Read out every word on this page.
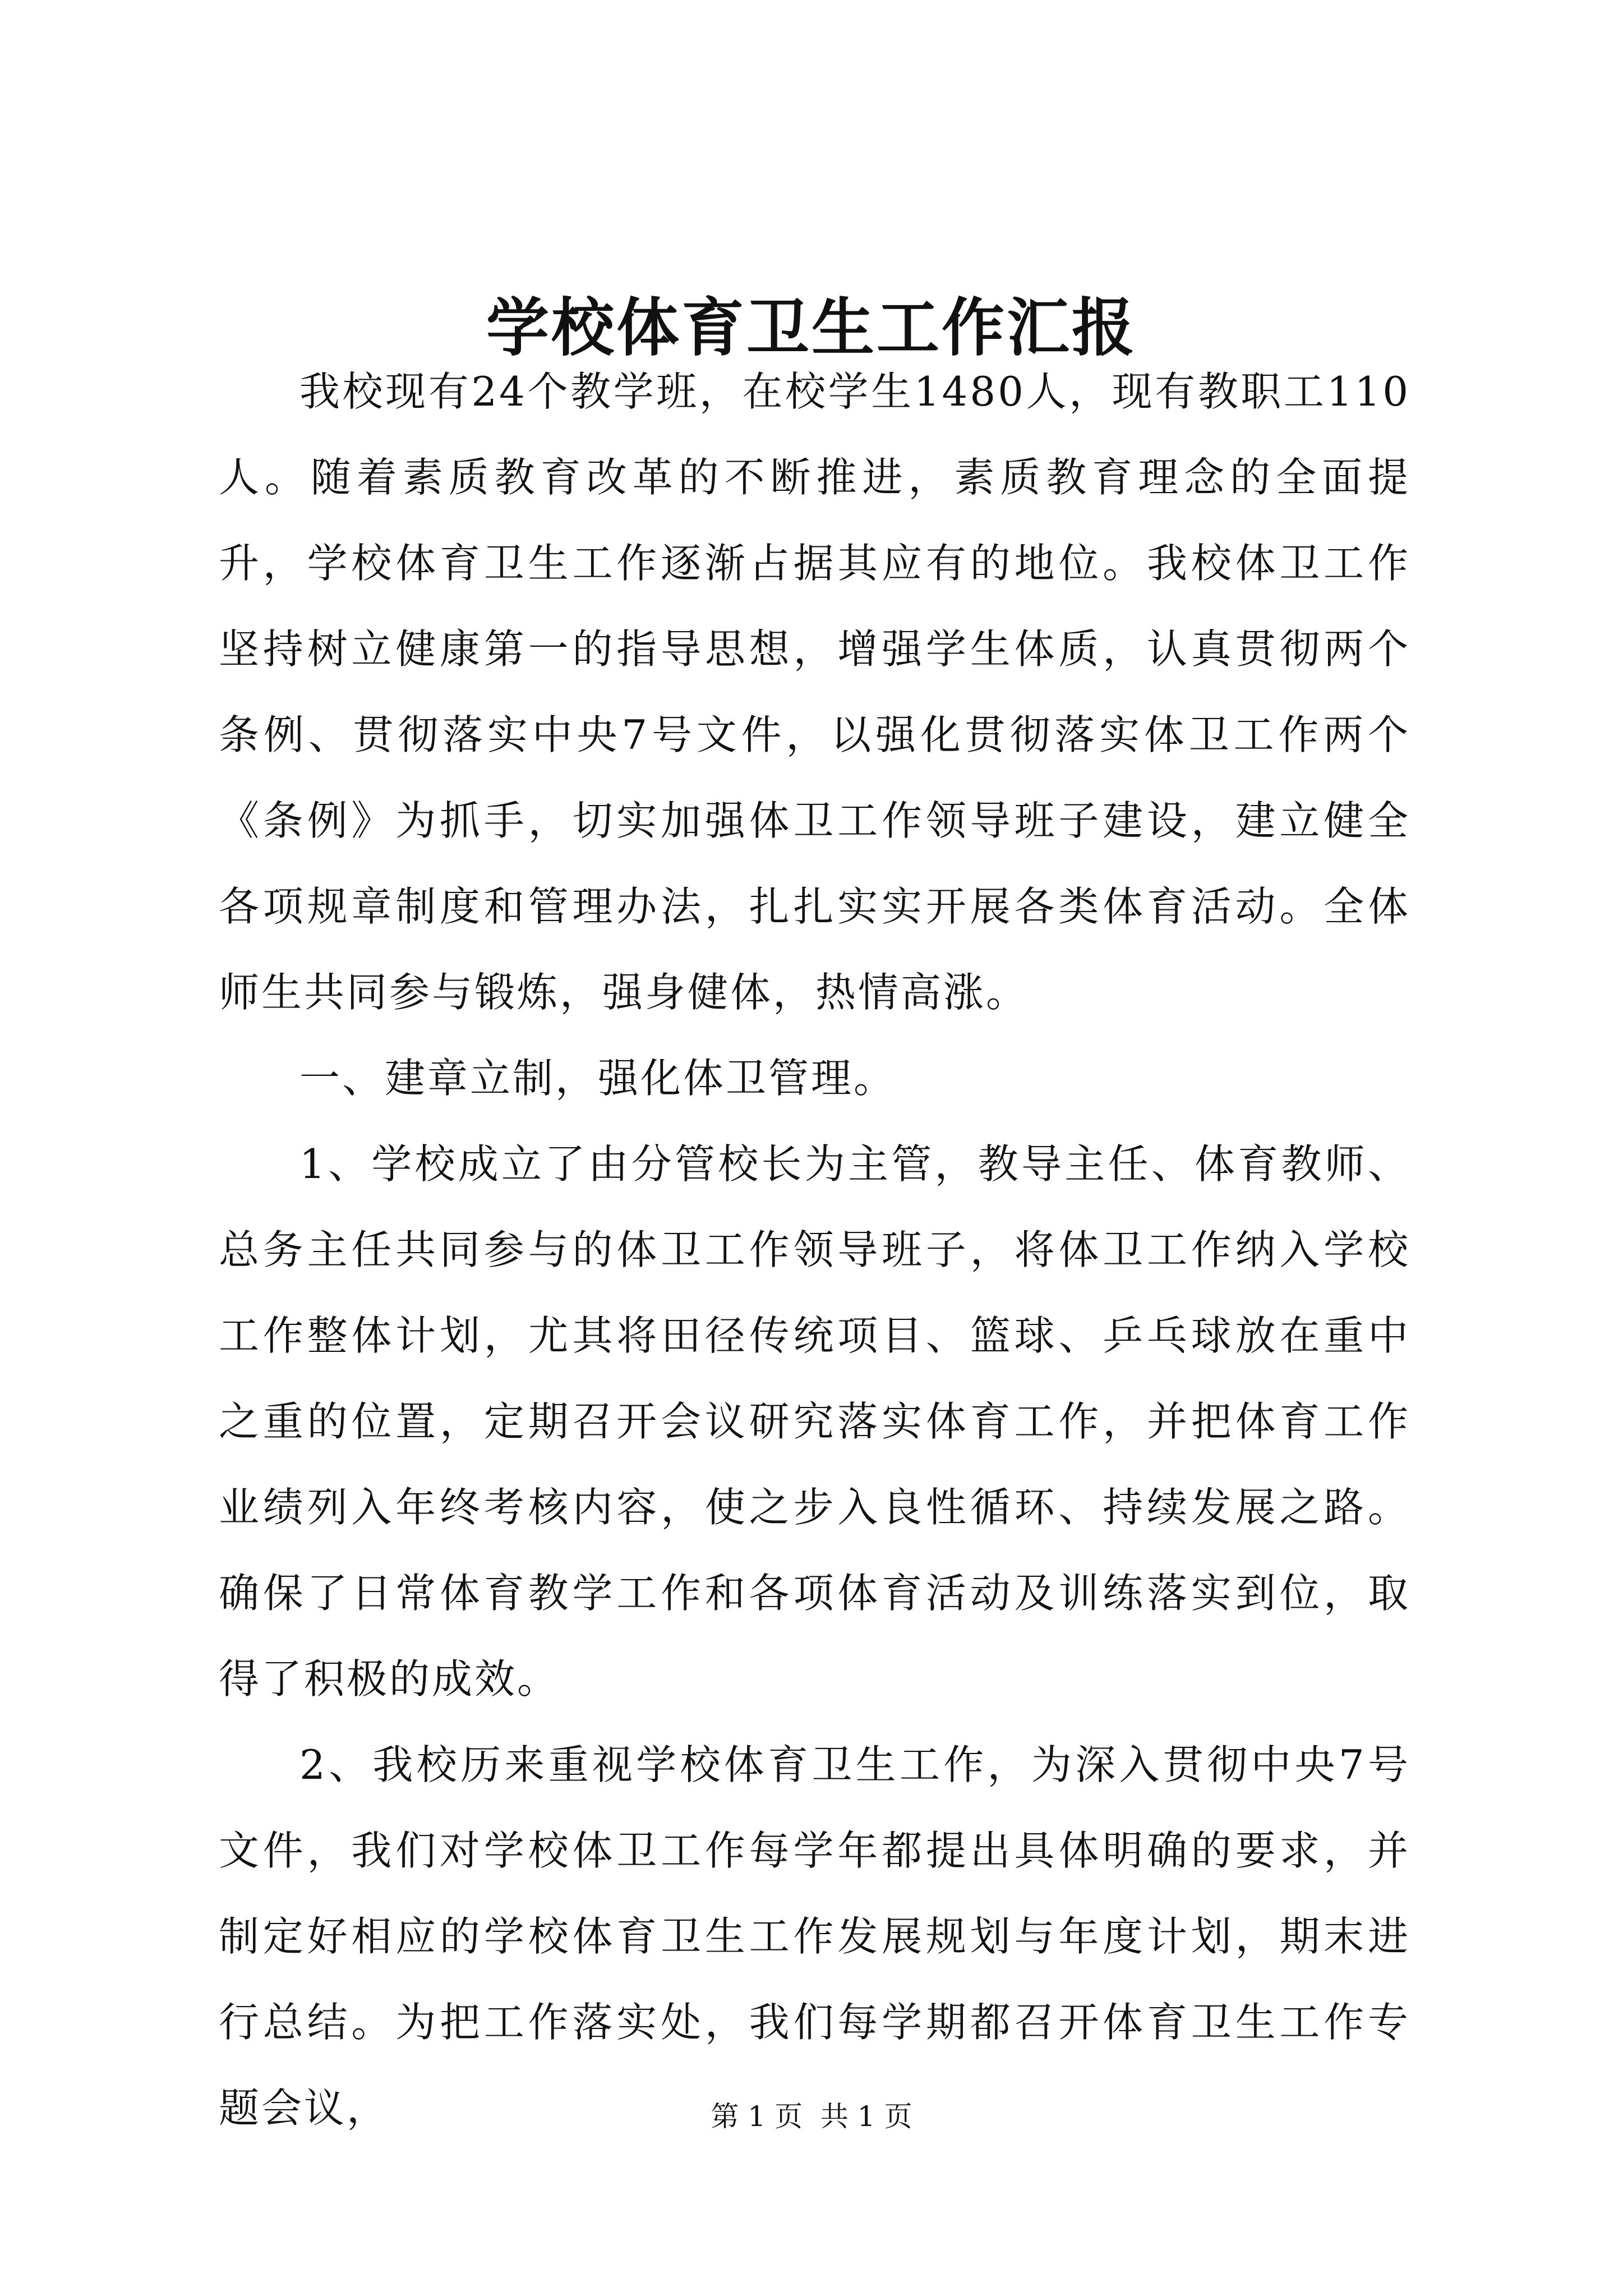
学校体育卫生工作汇报

我校现有24个教学班，在校学生1480人，现有教职工110人。随着素质教育改革的不断推进，素质教育理念的全面提升，学校体育卫生工作逐渐占据其应有的地位。我校体卫工作坚持树立健康第一的指导思想，增强学生体质，认真贯彻两个条例、贯彻落实中央7号文件，以强化贯彻落实体卫工作两个《条例》为抓手，切实加强体卫工作领导班子建设，建立健全各项规章制度和管理办法，扎扎实实开展各类体育活动。全体师生共同参与锻炼，强身健体，热情高涨。

一、建章立制，强化体卫管理。

1、学校成立了由分管校长为主管，教导主任、体育教师、总务主任共同参与的体卫工作领导班子，将体卫工作纳入学校工作整体计划，尤其将田径传统项目、篮球、乒乓球放在重中之重的位置，定期召开会议研究落实体育工作，并把体育工作业绩列入年终考核内容，使之步入良性循环、持续发展之路。确保了日常体育教学工作和各项体育活动及训练落实到位，取得了积极的成效。

2、我校历来重视学校体育卫生工作，为深入贯彻中央7号文件，我们对学校体卫工作每学年都提出具体明确的要求，并制定好相应的学校体育卫生工作发展规划与年度计划，期末进行总结。为把工作落实处，我们每学期都召开体育卫生工作专题会议，	第 1 页  共 1 页
